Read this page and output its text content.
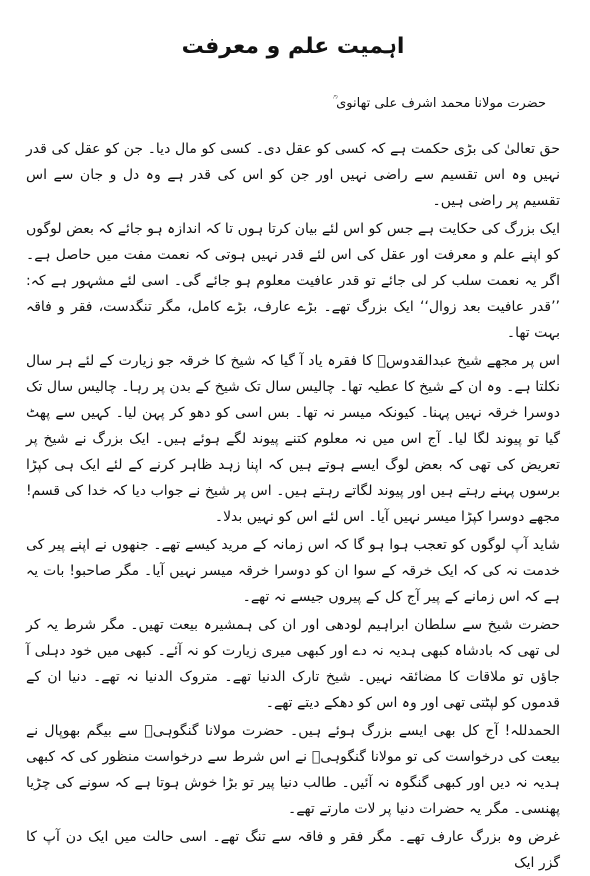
اہمیت علم و معرفت
حضرت مولانا محمد اشرف علی تھانوی ؒ

حق تعالیٰ کی بڑی حکمت ہے کہ کسی کو عقل دی۔ کسی کو مال دیا۔ جن کو عقل کی قدر نہیں وہ اس تقسیم سے راضی نہیں اور جن کو اس کی قدر ہے وہ دل و جان سے اس تقسیم پر راضی ہیں۔

ایک بزرگ کی حکایت ہے جس کو اس لئے بیان کرتا ہوں تا کہ اندازہ ہو جائے کہ بعض لوگوں کو اپنے علم و معرفت اور عقل کی اس لئے قدر نہیں ہوتی کہ نعمت مفت میں حاصل ہے۔ اگر یہ نعمت سلب کر لی جائے تو قدر عافیت معلوم ہو جائے گی۔ اسی لئے مشہور ہے کہ: ’’قدر عافیت بعد زوال‘‘ ایک بزرگ تھے۔ بڑے عارف، بڑے کامل، مگر تنگدست، فقر و فاقہ بہت تھا۔

اس پر مجھے شیخ عبدالقدوسؒ کا فقرہ یاد آ گیا کہ شیخ کا خرقہ جو زیارت کے لئے ہر سال نکلتا ہے۔ وہ ان کے شیخ کا عطیہ تھا۔ چالیس سال تک شیخ کے بدن پر رہا۔ چالیس سال تک دوسرا خرقہ نہیں پہنا۔ کیونکہ میسر نہ تھا۔ بس اسی کو دھو کر پہن لیا۔ کہیں سے پھٹ گیا تو پیوند لگا لیا۔ آج اس میں نہ معلوم کتنے پیوند لگے ہوئے ہیں۔ ایک بزرگ نے شیخ پر تعریض کی تھی کہ بعض لوگ ایسے ہوتے ہیں کہ اپنا زہد ظاہر کرنے کے لئے ایک ہی کپڑا برسوں پہنے رہتے ہیں اور پیوند لگاتے رہتے ہیں۔ اس پر شیخ نے جواب دیا کہ خدا کی قسم! مجھے دوسرا کپڑا میسر نہیں آیا۔ اس لئے اس کو نہیں بدلا۔

شاید آپ لوگوں کو تعجب ہوا ہو گا کہ اس زمانہ کے مرید کیسے تھے۔ جنھوں نے اپنے پیر کی خدمت نہ کی کہ ایک خرقہ کے سوا ان کو دوسرا خرقہ میسر نہیں آیا۔ مگر صاحبو! بات یہ ہے کہ اس زمانے کے پیر آج کل کے پیروں جیسے نہ تھے۔

حضرت شیخ سے سلطان ابراہیم لودھی اور ان کی ہمشیرہ بیعت تھیں۔ مگر شرط یہ کر لی تھی کہ بادشاہ کبھی ہدیہ نہ دے اور کبھی میری زیارت کو نہ آئے۔ کبھی میں خود دہلی آ جاؤں تو ملاقات کا مضائقہ نہیں۔ شیخ تارک الدنیا تھے۔ متروک الدنیا نہ تھے۔ دنیا ان کے قدموں کو لپٹتی تھی اور وہ اس کو دھکے دیتے تھے۔

الحمدللہ! آج کل بھی ایسے بزرگ ہوئے ہیں۔ حضرت مولانا گنگوہیؒ سے بیگم بھوپال نے بیعت کی درخواست کی تو مولانا گنگوہیؒ نے اس شرط سے درخواست منظور کی کہ کبھی ہدیہ نہ دیں اور کبھی گنگوہ نہ آئیں۔ طالب دنیا پیر تو بڑا خوش ہوتا ہے کہ سونے کی چڑیا پھنسی۔ مگر یہ حضرات دنیا پر لات مارتے تھے۔

غرض وہ بزرگ عارف تھے۔ مگر فقر و فاقہ سے تنگ تھے۔ اسی حالت میں ایک دن آپ کا گزر ایک
